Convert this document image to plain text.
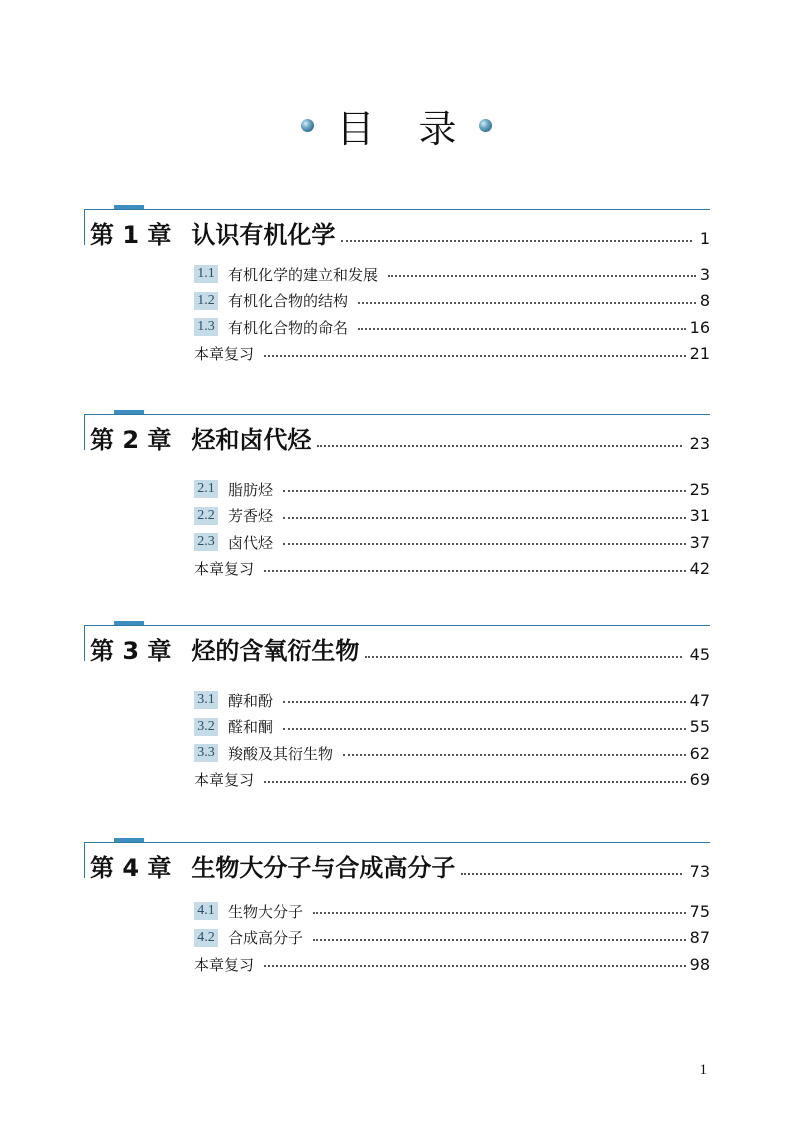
目 录
第 1 章 认识有机化学	1
1.1 有机化学的建立和发展	3
1.2 有机化合物的结构	8
1.3 有机化合物的命名	16
本章复习	21
第 2 章 烃和卤代烃	23
2.1 脂肪烃	25
2.2 芳香烃	31
2.3 卤代烃	37
本章复习	42
第 3 章 烃的含氧衍生物	45
3.1 醇和酚	47
3.2 醛和酮	55
3.3 羧酸及其衍生物	62
本章复习	69
第 4 章 生物大分子与合成高分子	73
4.1 生物大分子	75
4.2 合成高分子	87
本章复习	98
1
